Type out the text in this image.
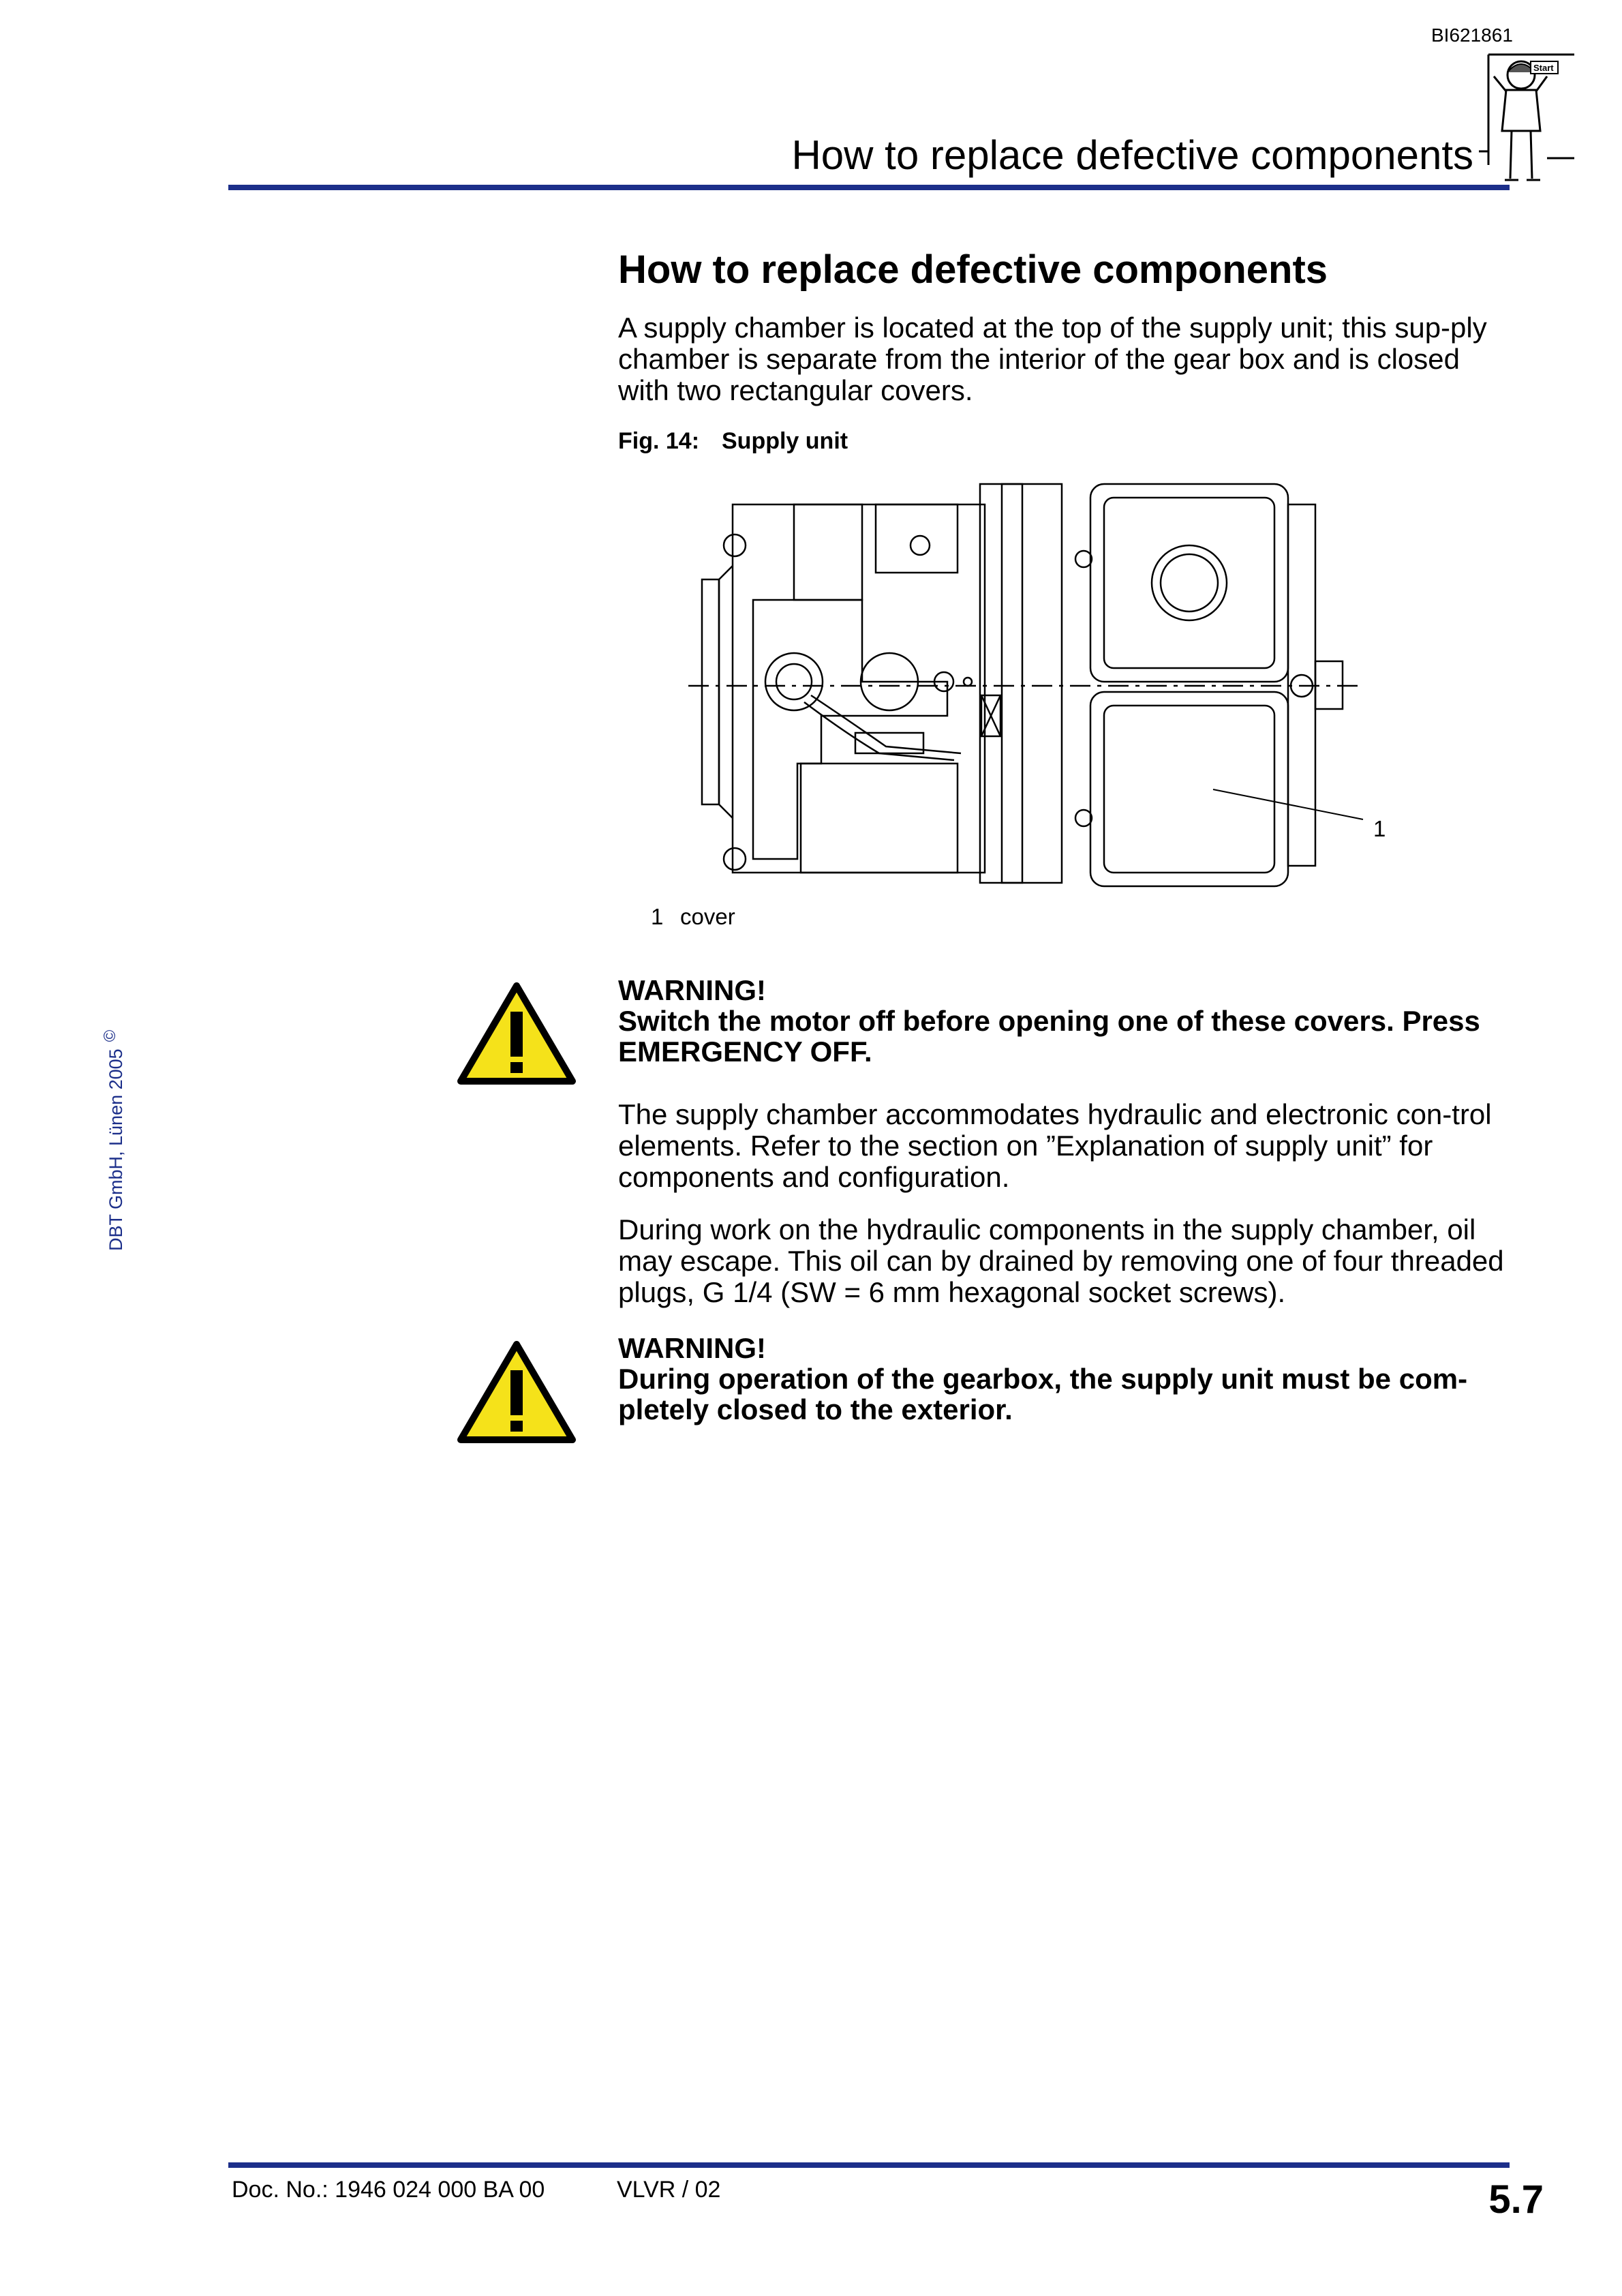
BI621861
Start
How to replace defective components
DBT GmbH, Lünen 2005©
How to replace defective components
A supply chamber is located at the top of the supply unit; this sup-ply chamber is separate from the interior of the gear box and is closed with two rectangular covers.
Fig. 14: Supply unit
1
1 cover
WARNING!
Switch the motor off before opening one of these covers. Press EMERGENCY OFF.
The supply chamber accommodates hydraulic and electronic con-trol elements. Refer to the section on ”Explanation of supply unit” for components and configuration.
During work on the hydraulic components in the supply chamber, oil may escape. This oil can by drained by removing one of four threaded plugs, G 1/4 (SW = 6 mm hexagonal socket screws).
WARNING!
During operation of the gearbox, the supply unit must be com-pletely closed to the exterior.
Doc. No.: 1946 024 000 BA 00	VLVR / 02	5.7
